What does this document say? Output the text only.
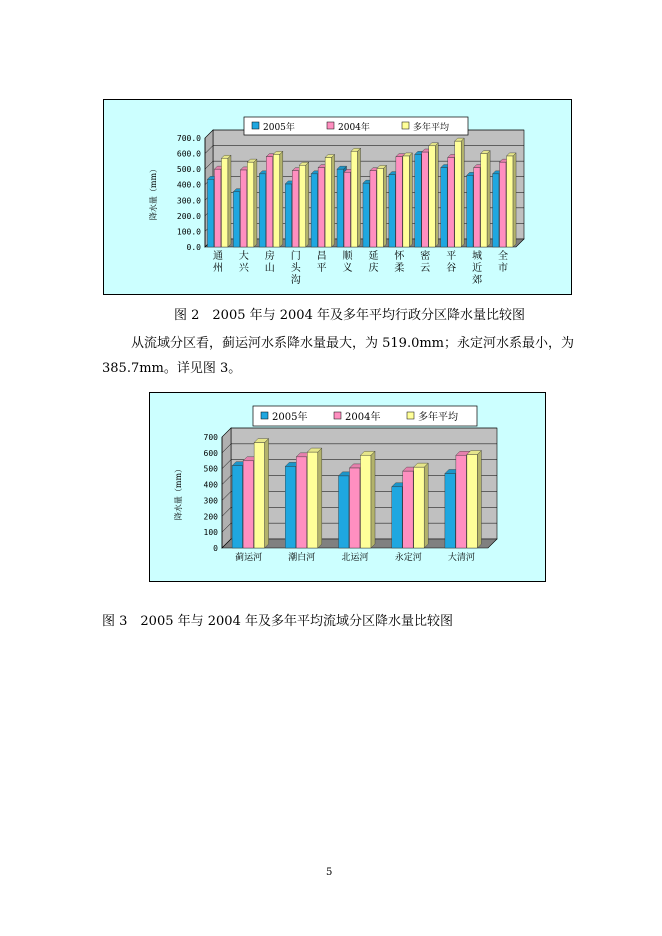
0.0
100.0
200.0
300.0
400.0
500.0
600.0
700.0
降水量（mm）
通
州
大
兴
房
山
门
头
沟
昌
平
顺
义
延
庆
怀
柔
密
云
平
谷
城
近
郊
全
市
2005年	2004年	多年平均
图 2　2005 年与 2004 年及多年平均行政分区降水量比较图
从流域分区看，蓟运河水系降水量最大，为 519.0mm；永定河水系最小，为
385.7mm。详见图 3。
0
100
200
300
400
500
600
700
降水量（mm）
蓟运河	潮白河	北运河	永定河	大清河
2005年	2004年	多年平均
图 3　2005 年与 2004 年及多年平均流域分区降水量比较图
5
